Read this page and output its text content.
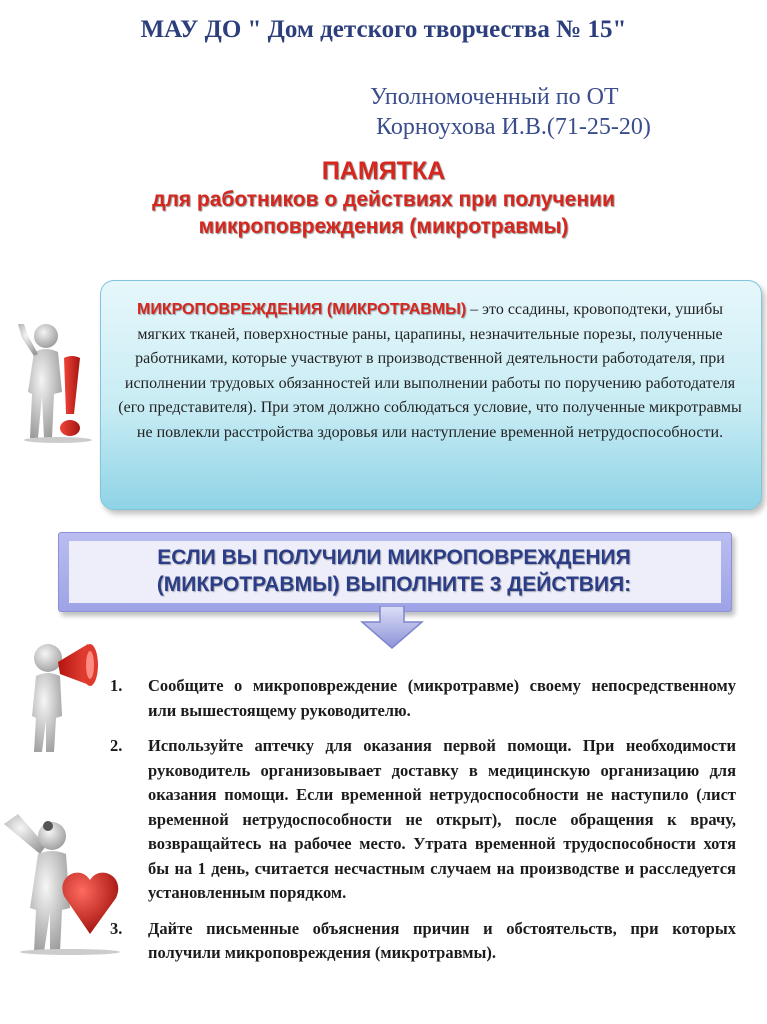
МАУ ДО " Дом детского творчества № 15"
Уполномоченный по ОТ
Корноухова И.В.(71-25-20)
ПАМЯТКА
для работников о действиях при получении
микроповреждения (микротравмы)
МИКРОПОВРЕЖДЕНИЯ (МИКРОТРАВМЫ) – это ссадины, кровоподтеки, ушибы мягких тканей, поверхностные раны, царапины, незначительные порезы, полученные работниками, которые участвуют в производственной деятельности работодателя, при исполнении трудовых обязанностей или выполнении работы по поручению работодателя (его представителя). При этом должно соблюдаться условие, что полученные микротравмы не повлекли расстройства здоровья или наступление временной нетрудоспособности.
ЕСЛИ ВЫ ПОЛУЧИЛИ МИКРОПОВРЕЖДЕНИЯ
(МИКРОТРАВМЫ) ВЫПОЛНИТЕ 3 ДЕЙСТВИЯ:
1. Сообщите о микроповреждение (микротравме) своему непосредственному или вышестоящему руководителю.
2. Используйте аптечку для оказания первой помощи. При необходимости руководитель организовывает доставку в медицинскую организацию для оказания помощи. Если временной нетрудоспособности не наступило (лист временной нетрудоспособности не открыт), после обращения к врачу, возвращайтесь на рабочее место. Утрата временной трудоспособности хотя бы на 1 день, считается несчастным случаем на производстве и расследуется установленным порядком.
3. Дайте письменные объяснения причин и обстоятельств, при которых получили микроповреждения (микротравмы).
